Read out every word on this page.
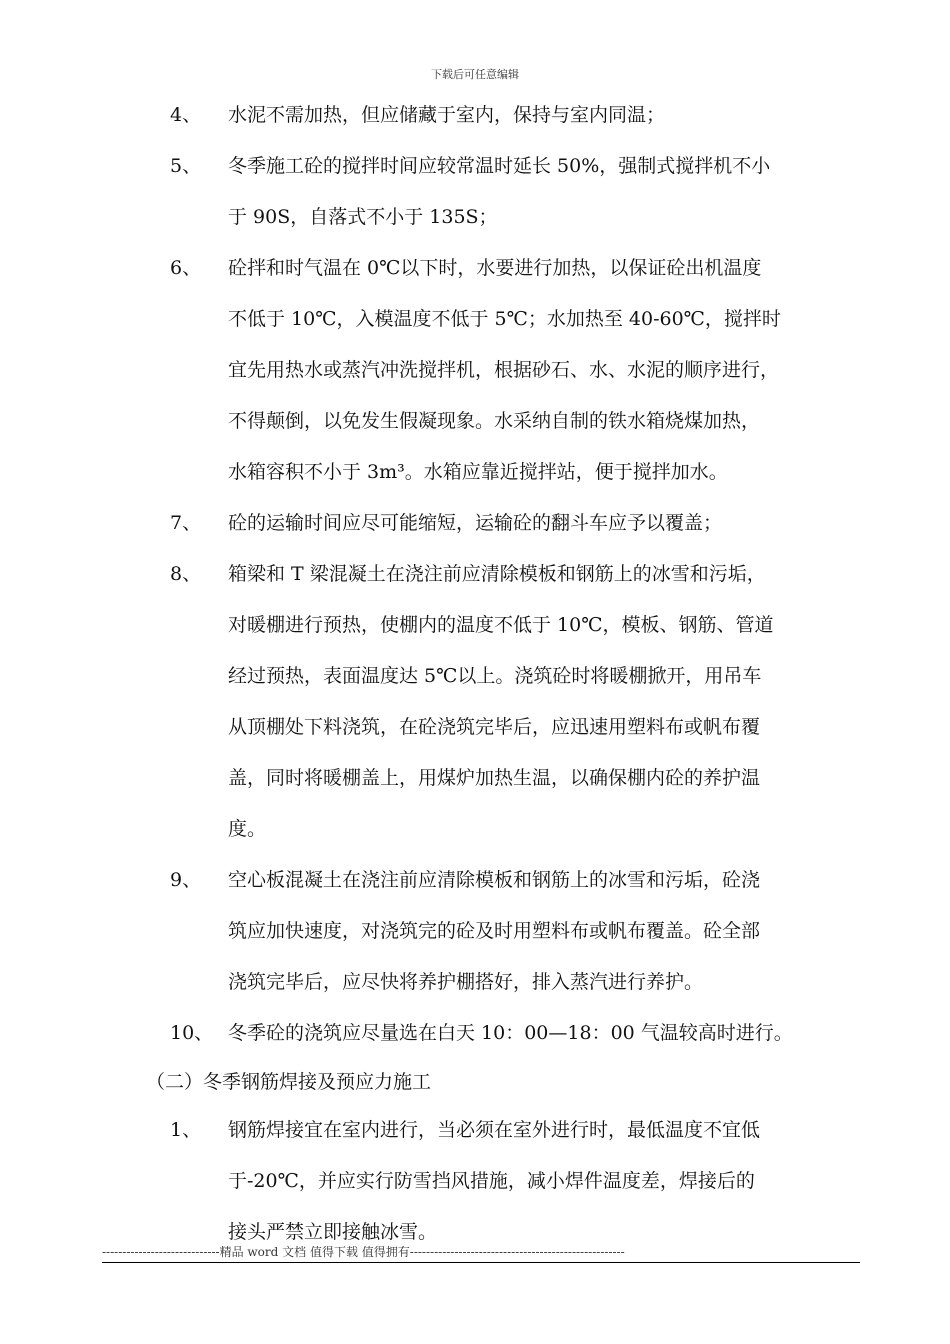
下载后可任意编辑
4、 水泥不需加热，但应储藏于室内，保持与室内同温；
5、 冬季施工砼的搅拌时间应较常温时延长 50%，强制式搅拌机不小
于 90S，自落式不小于 135S；
6、 砼拌和时气温在 0℃以下时，水要进行加热，以保证砼出机温度
不低于 10℃，入模温度不低于 5℃；水加热至 40-60℃，搅拌时
宜先用热水或蒸汽冲洗搅拌机，根据砂石、水、水泥的顺序进行，
不得颠倒，以免发生假凝现象。水采纳自制的铁水箱烧煤加热，
水箱容积不小于 3m³。水箱应靠近搅拌站，便于搅拌加水。
7、 砼的运输时间应尽可能缩短，运输砼的翻斗车应予以覆盖；
8、 箱梁和 T 梁混凝土在浇注前应清除模板和钢筋上的冰雪和污垢，
对暖棚进行预热，使棚内的温度不低于 10℃，模板、钢筋、管道
经过预热，表面温度达 5℃以上。浇筑砼时将暖棚掀开，用吊车
从顶棚处下料浇筑，在砼浇筑完毕后，应迅速用塑料布或帆布覆
盖，同时将暖棚盖上，用煤炉加热生温，以确保棚内砼的养护温
度。
9、 空心板混凝土在浇注前应清除模板和钢筋上的冰雪和污垢，砼浇
筑应加快速度，对浇筑完的砼及时用塑料布或帆布覆盖。砼全部
浇筑完毕后，应尽快将养护棚搭好，排入蒸汽进行养护。
10、 冬季砼的浇筑应尽量选在白天 10：00—18：00 气温较高时进行。
（二）冬季钢筋焊接及预应力施工
1、 钢筋焊接宜在室内进行，当必须在室外进行时，最低温度不宜低
于-20℃，并应实行防雪挡风措施，减小焊件温度差，焊接后的
接头严禁立即接触冰雪。
-----------------------------精品 word 文档 值得下载 值得拥有-----------------------------------------------------
